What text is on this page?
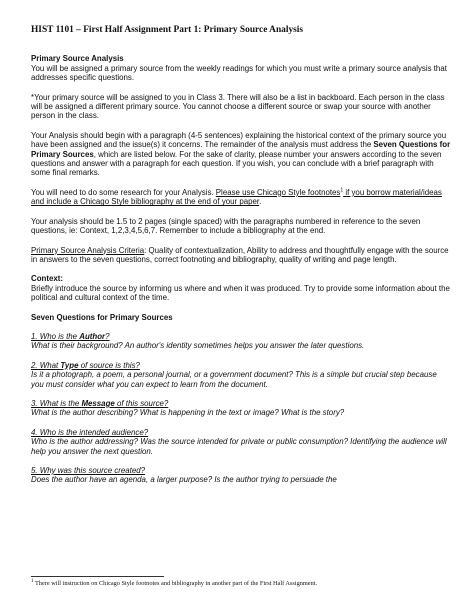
HIST 1101 – First Half Assignment Part 1: Primary Source Analysis
Primary Source Analysis

You will be assigned a primary source from the weekly readings for which you must write a primary source analysis that addresses specific questions.

*Your primary source will be assigned to you in Class 3. There will also be a list in backboard. Each person in the class will be assigned a different primary source. You cannot choose a different source or swap your source with another person in the class.

Your Analysis should begin with a paragraph (4-5 sentences) explaining the historical context of the primary source you have been assigned and the issue(s) it concerns. The remainder of the analysis must address the Seven Questions for Primary Sources, which are listed below. For the sake of clarity, please number your answers according to the seven questions and answer with a paragraph for each question. If you wish, you can conclude with a brief paragraph with some final remarks.

You will need to do some research for your Analysis. Please use Chicago Style footnotes$^1$ if you borrow material/ideas and include a Chicago Style bibliography at the end of your paper.

Your analysis should be 1.5 to 2 pages (single spaced) with the paragraphs numbered in reference to the seven questions, ie: Context, 1,2,3,4,5,6,7. Remember to include a bibliography at the end.

Primary Source Analysis Criteria: Quality of contextualization, Ability to address and thoughtfully engage with the source in answers to the seven questions, correct footnoting and bibliography, quality of writing and page length.

Context:

Briefly introduce the source by informing us where and when it was produced. Try to provide some information about the political and cultural context of the time.

Seven Questions for Primary Sources
1. Who is the Author?
What is their background? An author's identity sometimes helps you answer the later questions.
2. What Type of source is this?
Is it a photograph, a poem, a personal journal, or a government document? This is a simple but crucial step because you must consider what you can expect to learn from the document.
3. What is the Message of this source?
What is the author describing? What is happening in the text or image? What is the story?
4. Who is the intended audience?
Who is the author addressing? Was the source intended for private or public consumption? Identifying the audience will help you answer the next question.
5. Why was this source created?
Does the author have an agenda, a larger purpose? Is the author trying to persuade the
$^1$ There will instruction on Chicago Style footnotes and bibliography in another part of the First Half Assignment.
